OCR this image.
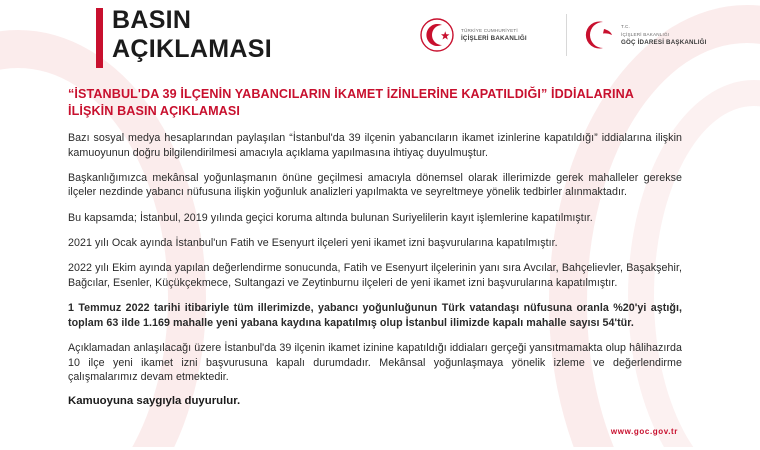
BASIN
AÇIKLAMASI
TÜRKİYE CUMHURİYETİ
İÇİŞLERİ BAKANLIĞI
T.C.
İÇİŞLERİ BAKANLIĞI
GÖÇ İDARESİ BAŞKANLIĞI
“İSTANBUL'DA 39 İLÇENİN YABANCILARIN İKAMET İZİNLERİNE KAPATILDIĞI” İDDİALARINA İLİŞKİN BASIN AÇIKLAMASI

Bazı sosyal medya hesaplarından paylaşılan “İstanbul'da 39 ilçenin yabancıların ikamet izinlerine kapatıldığı” iddialarına ilişkin kamuoyunun doğru bilgilendirilmesi amacıyla açıklama yapılmasına ihtiyaç duyulmuştur.

Başkanlığımızca mekânsal yoğunlaşmanın önüne geçilmesi amacıyla dönemsel olarak illerimizde gerek mahalleler gerekse ilçeler nezdinde yabancı nüfusuna ilişkin yoğunluk analizleri yapılmakta ve seyreltmeye yönelik tedbirler alınmaktadır.

Bu kapsamda; İstanbul, 2019 yılında geçici koruma altında bulunan Suriyelilerin kayıt işlemlerine kapatılmıştır.

2021 yılı Ocak ayında İstanbul'un Fatih ve Esenyurt ilçeleri yeni ikamet izni başvurularına kapatılmıştır.

2022 yılı Ekim ayında yapılan değerlendirme sonucunda, Fatih ve Esenyurt ilçelerinin yanı sıra Avcılar, Bahçelievler, Başakşehir, Bağcılar, Esenler, Küçükçekmece, Sultangazi ve Zeytinburnu ilçeleri de yeni ikamet izni başvurularına kapatılmıştır.

1 Temmuz 2022 tarihi itibariyle tüm illerimizde, yabancı yoğunluğunun Türk vatandaşı nüfusuna oranla %20'yi aştığı, toplam 63 ilde 1.169 mahalle yeni yabana kaydına kapatılmış olup İstanbul ilimizde kapalı mahalle sayısı 54'tür.

Açıklamadan anlaşılacağı üzere İstanbul'da 39 ilçenin ikamet izinine kapatıldığı iddiaları gerçeği yansıtmamakta olup hâlihazırda 10 ilçe yeni ikamet izni başvurusuna kapalı durumdadır. Mekânsal yoğunlaşmaya yönelik izleme ve değerlendirme çalışmalarımız devam etmektedir.

Kamuoyuna saygıyla duyurulur.
www.goc.gov.tr
